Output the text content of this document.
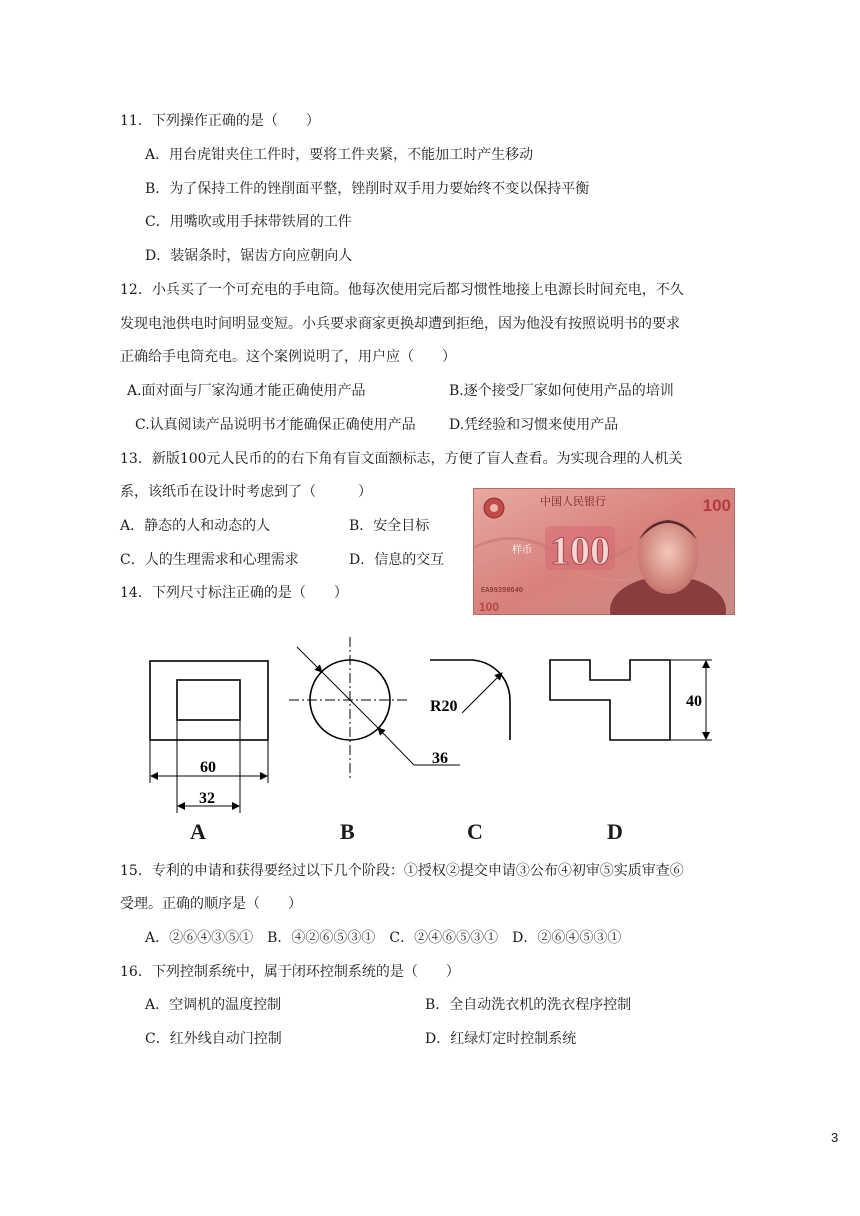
11．下列操作正确的是（　　）
A．用台虎钳夹住工件时，要将工件夹紧，不能加工时产生移动
B．为了保持工件的锉削面平整，锉削时双手用力要始终不变以保持平衡
C．用嘴吹或用手抹带铁屑的工件
D．装锯条时，锯齿方向应朝向人
12．小兵买了一个可充电的手电筒。他每次使用完后都习惯性地接上电源长时间充电，不久
发现电池供电时间明显变短。小兵要求商家更换却遭到拒绝，因为他没有按照说明书的要求
正确给手电筒充电。这个案例说明了，用户应（　　）
A.面对面与厂家沟通才能正确使用产品	B.逐个接受厂家如何使用产品的培训
C.认真阅读产品说明书才能确保正确使用产品 D.凭经验和习惯来使用产品
13．新版100元人民币的的右下角有盲文面额标志，方便了盲人查看。为实现合理的人机关
系，该纸币在设计时考虑到了（　　　）
A．静态的人和动态的人	B．安全目标
C．人的生理需求和心理需求	D．信息的交互	100
100
中国人民银行
样币
EA99398640
100
14．下列尺寸标注正确的是（　　）
60
32
36
R20	40
A	B	C	D
15．专利的申请和获得要经过以下几个阶段：①授权②提交申请③公布④初审⑤实质审查⑥
受理。正确的顺序是（　　）
A．②⑥④③⑤①　B．④②⑥⑤③①　C．②④⑥⑤③①　D．②⑥④⑤③①
16．下列控制系统中，属于闭环控制系统的是（　　）
A．空调机的温度控制	B．全自动洗衣机的洗衣程序控制
C．红外线自动门控制	D．红绿灯定时控制系统
3
